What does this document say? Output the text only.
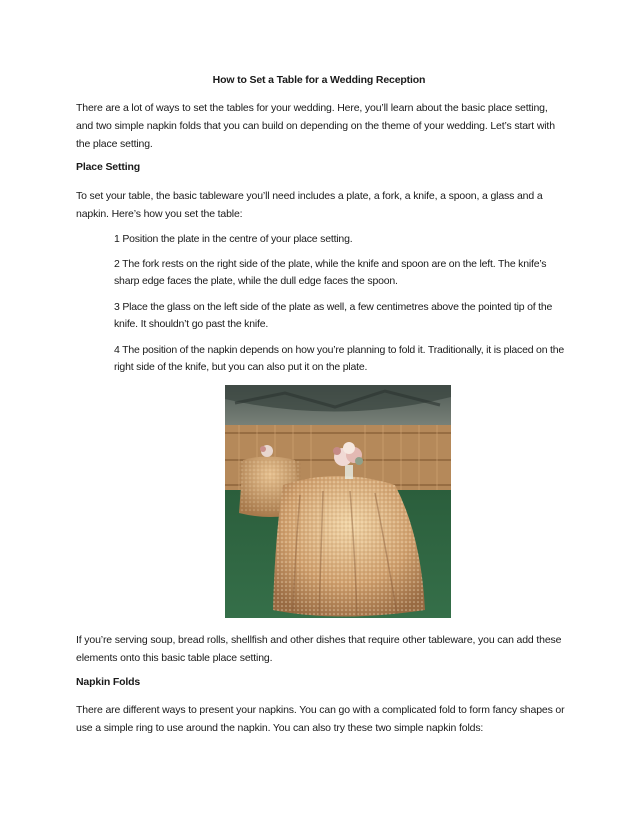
How to Set a Table for a Wedding Reception

There are a lot of ways to set the tables for your wedding. Here, you’ll learn about the basic place setting, and two simple napkin folds that you can build on depending on the theme of your wedding. Let’s start with the place setting.

Place Setting

To set your table, the basic tableware you’ll need includes a plate, a fork, a knife, a spoon, a glass and a napkin. Here’s how you set the table:

1 Position the plate in the centre of your place setting.

2 The fork rests on the right side of the plate, while the knife and spoon are on the left. The knife’s sharp edge faces the plate, while the dull edge faces the spoon.

3 Place the glass on the left side of the plate as well, a few centimetres above the pointed tip of the knife. It shouldn’t go past the knife.

4 The position of the napkin depends on how you’re planning to fold it. Traditionally, it is placed on the right side of the knife, but you can also put it on the plate.

If you’re serving soup, bread rolls, shellfish and other dishes that require other tableware, you can add these elements onto this basic table place setting.

Napkin Folds

There are different ways to present your napkins. You can go with a complicated fold to form fancy shapes or use a simple ring to use around the napkin. You can also try these two simple napkin folds:
